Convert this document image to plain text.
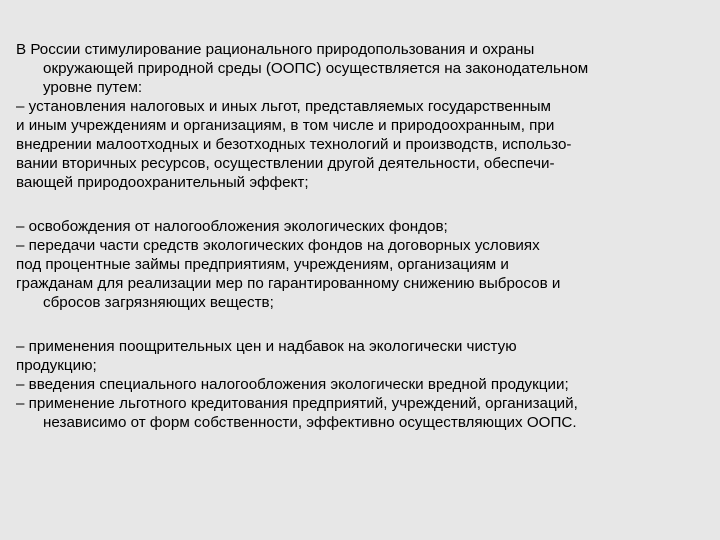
В России стимулирование рационального природопользования и охраны
окружающей природной среды (ООПС) осуществляется на законодательном
уровне путем:
– установления налоговых и иных льгот, представляемых государственным
и иным учреждениям и организациям, в том числе и природоохранным, при
внедрении малоотходных и безотходных технологий и производств, использо-
вании вторичных ресурсов, осуществлении другой деятельности, обеспечи-
вающей природоохранительный эффект;
– освобождения от налогообложения экологических фондов;
– передачи части средств экологических фондов на договорных условиях
под процентные займы предприятиям, учреждениям, организациям и
гражданам для реализации мер по гарантированному снижению выбросов и
сбросов загрязняющих веществ;
– применения поощрительных цен и надбавок на экологически чистую
продукцию;
– введения специального налогообложения экологически вредной продукции;
– применение льготного кредитования предприятий, учреждений, организаций,
независимо от форм собственности, эффективно осуществляющих ООПС.
